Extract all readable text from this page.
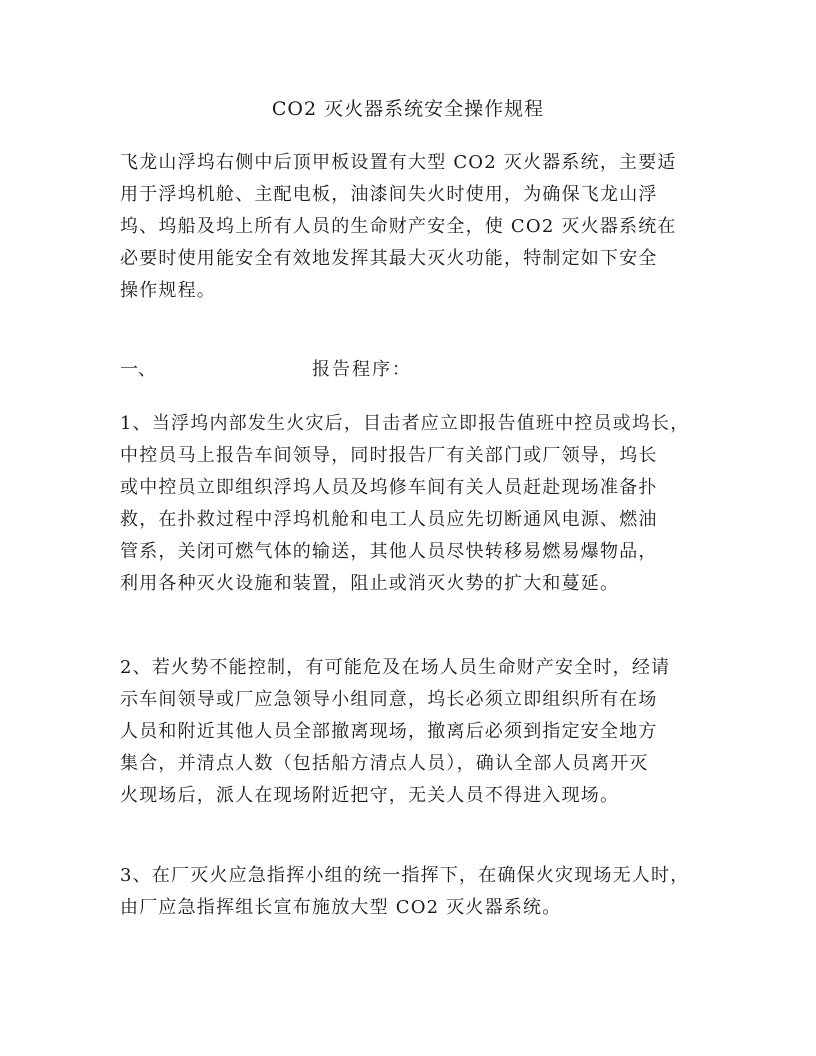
CO2 灭火器系统安全操作规程
飞龙山浮坞右侧中后顶甲板设置有大型 CO2 灭火器系统，主要适
用于浮坞机舱、主配电板，油漆间失火时使用，为确保飞龙山浮
坞、坞船及坞上所有人员的生命财产安全，使 CO2 灭火器系统在
必要时使用能安全有效地发挥其最大灭火功能，特制定如下安全
操作规程。
一、	报告程序：
1、当浮坞内部发生火灾后，目击者应立即报告值班中控员或坞长，
中控员马上报告车间领导，同时报告厂有关部门或厂领导，坞长
或中控员立即组织浮坞人员及坞修车间有关人员赶赴现场准备扑
救，在扑救过程中浮坞机舱和电工人员应先切断通风电源、燃油
管系，关闭可燃气体的输送，其他人员尽快转移易燃易爆物品，
利用各种灭火设施和装置，阻止或消灭火势的扩大和蔓延。
2、若火势不能控制，有可能危及在场人员生命财产安全时，经请
示车间领导或厂应急领导小组同意，坞长必须立即组织所有在场
人员和附近其他人员全部撤离现场，撤离后必须到指定安全地方
集合，并清点人数（包括船方清点人员），确认全部人员离开灭
火现场后，派人在现场附近把守，无关人员不得进入现场。
3、在厂灭火应急指挥小组的统一指挥下，在确保火灾现场无人时，
由厂应急指挥组长宣布施放大型 CO2 灭火器系统。
